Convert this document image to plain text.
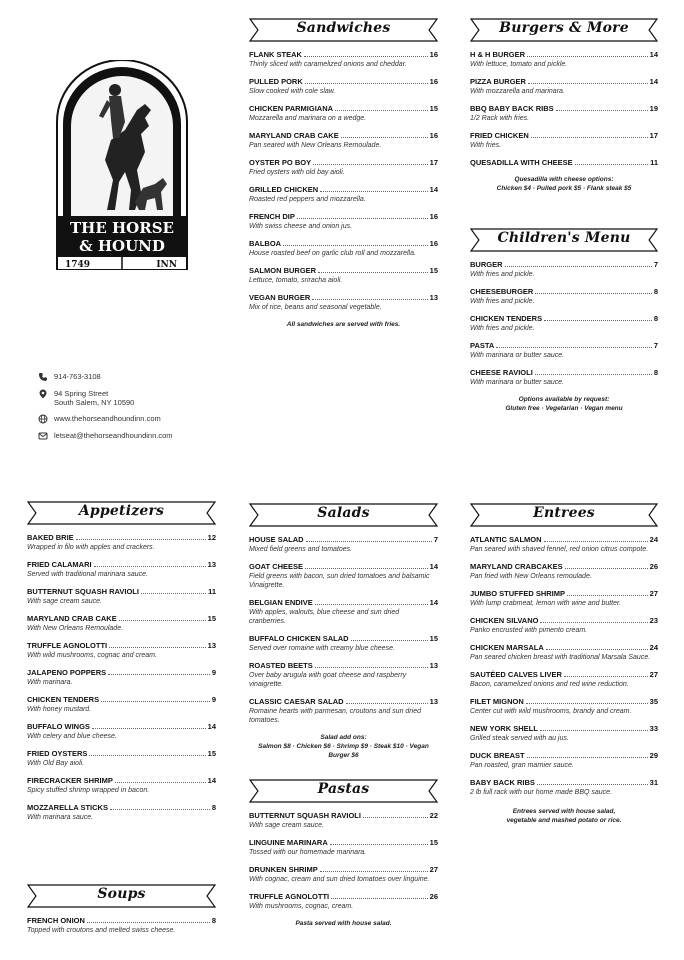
THE HORSE
& HOUND
1749	INN
914-763-3108
94 Spring Street
South Salem, NY 10590
www.thehorseandhoundinn.com
letseat@thehorseandhoundinn.com
Sandwiches
FLANK STEAK	16
Thinly sliced with caramelized onions and cheddar.
PULLED PORK	16
Slow cooked with cole slaw.
CHICKEN PARMIGIANA	15
Mozzarella and marinara on a wedge.
MARYLAND CRAB CAKE	16
Pan seared with New Orleans Remoulade.
OYSTER PO BOY	17
Fried oysters with old bay aioli.
GRILLED CHICKEN	14
Roasted red peppers and mozzarella.
FRENCH DIP	16
With swiss cheese and onion jus.
BALBOA	16
House roasted beef on garlic club roll and mozzarella.
SALMON BURGER	15
Lettuce, tomato, sriracha aioli.
VEGAN BURGER	13
Mix of rice, beans and seasonal vegetable.
All sandwiches are served with fries.
Burgers & More
H & H BURGER	14
With lettuce, tomato and pickle.
PIZZA BURGER	14
With mozzarella and marinara.
BBQ BABY BACK RIBS	19
1/2 Rack with fries.
FRIED CHICKEN	17
With fries.
QUESADILLA WITH CHEESE	11
Quesadilla with cheese options:
Chicken $4 · Pulled pork $5 · Flank steak $5
Children's Menu
BURGER	7
With fries and pickle.
CHEESEBURGER	8
With fries and pickle.
CHICKEN TENDERS	8
With fries and pickle.
PASTA	7
With marinara or butter sauce.
CHEESE RAVIOLI	8
With marinara or butter sauce.
Options available by request:
Gluten free · Vegetarian · Vegan menu
Appetizers
BAKED BRIE	12
Wrapped in filo with apples and crackers.
FRIED CALAMARI	13
Served with traditional marinara sauce.
BUTTERNUT SQUASH RAVIOLI	11
With sage cream sauce.
MARYLAND CRAB CAKE	15
With New Orleans Remoulade.
TRUFFLE AGNOLOTTI	13
With wild mushrooms, cognac and cream.
JALAPENO POPPERS	9
With marinara.
CHICKEN TENDERS	9
With honey mustard.
BUFFALO WINGS	14
With celery and blue cheese.
FRIED OYSTERS	15
With Old Bay aioli.
FIRECRACKER SHRIMP	14
Spicy stuffed shrimp wrapped in bacon.
MOZZARELLA STICKS	8
With marinara sauce.
Soups
FRENCH ONION	8
Topped with croutons and melted swiss cheese.
Salads
HOUSE SALAD	7
Mixed field greens and tomatoes.
GOAT CHEESE	14
Field greens with bacon, sun dried tomatoes and balsamic Vinaigrette.
BELGIAN ENDIVE	14
With apples, walnuts, blue cheese and sun dried cranberries.
BUFFALO CHICKEN SALAD	15
Served over romaine with creamy blue cheese.
ROASTED BEETS	13
Over baby arugula with goat cheese and raspberry vinaigrette.
CLASSIC CAESAR SALAD	13
Romaine hearts with parmesan, croutons and sun dried tomatoes.
Salad add ons:
Salmon $8 · Chicken $6 · Shrimp $9 · Steak $10 · Vegan Burger $6
Pastas
BUTTERNUT SQUASH RAVIOLI	22
With sage cream sauce.
LINGUINE MARINARA	15
Tossed with our homemade marinara.
DRUNKEN SHRIMP	27
With cognac, cream and sun dried tomatoes over linguine.
TRUFFLE AGNOLOTTI	26
With mushrooms, cognac, cream.
Pasta served with house salad.
Entrees
ATLANTIC SALMON	24
Pan seared with shaved fennel, red onion citrus compote.
MARYLAND CRABCAKES	26
Pan fried with New Orleans remoulade.
JUMBO STUFFED SHRIMP	27
With lump crabmeat, lemon with wine and butter.
CHICKEN SILVANO	23
Panko encrusted with pimento cream.
CHICKEN MARSALA	24
Pan seared chicken breast with traditional Marsala Sauce.
SAUTÉED CALVES LIVER	27
Bacon, caramelized onions and red wine reduction.
FILET MIGNON	35
Center cut with wild mushrooms, brandy and cream.
NEW YORK SHELL	33
Grilled steak served with au jus.
DUCK BREAST	29
Pan roasted, gran marnier sauce.
BABY BACK RIBS	31
2 lb full rack with our home made BBQ sauce.
Entrees served with house salad,
vegetable and mashed potato or rice.
